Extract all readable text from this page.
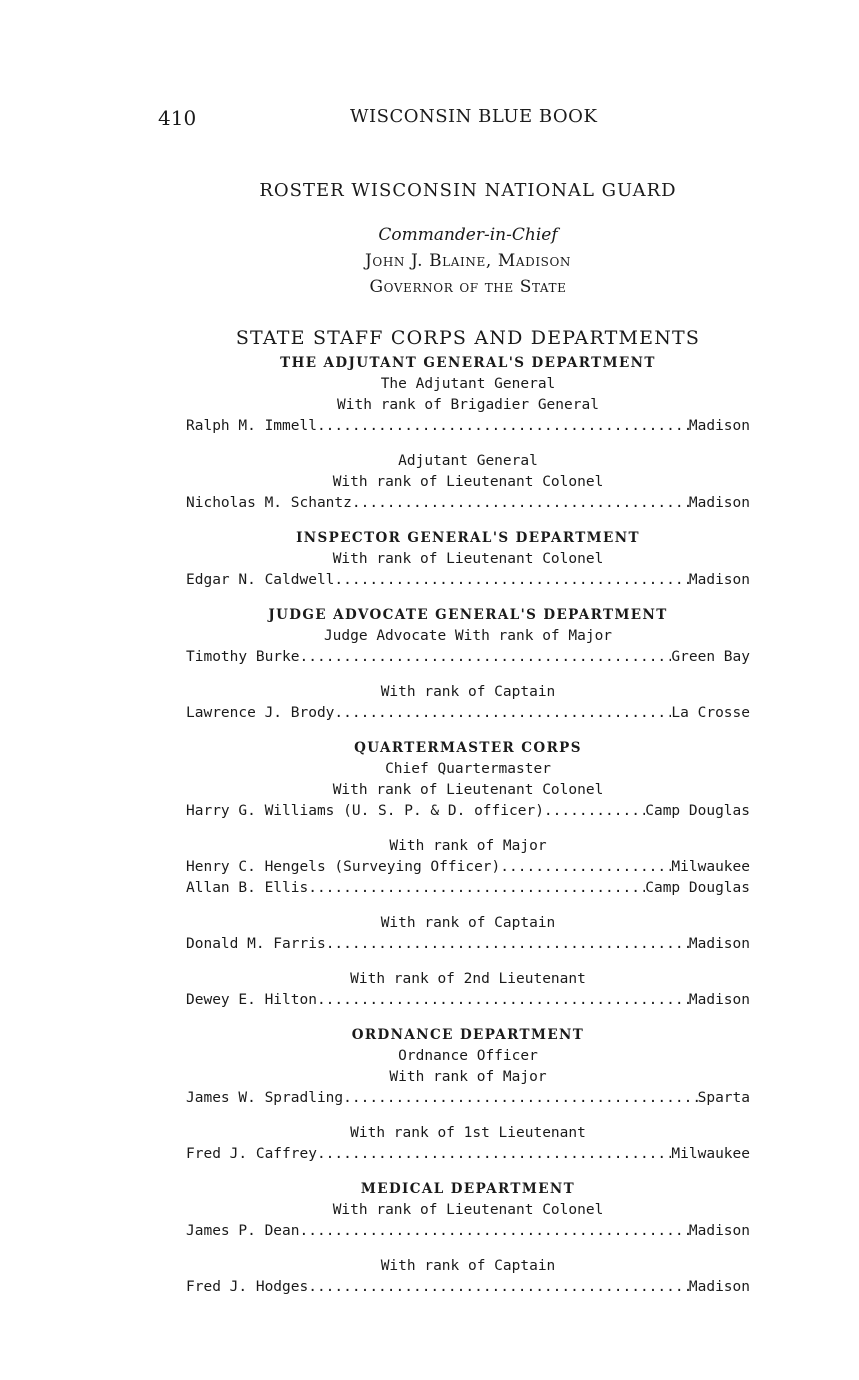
410	WISCONSIN BLUE BOOK
ROSTER WISCONSIN NATIONAL GUARD
Commander-in-Chief
John J. Blaine, Madison
Governor of the State
STATE STAFF CORPS AND DEPARTMENTS
THE ADJUTANT GENERAL'S DEPARTMENT
The Adjutant General
With rank of Brigadier General
Ralph M. Immell .....	Madison
Adjutant General
With rank of Lieutenant Colonel
Nicholas M. Schantz .....	Madison
INSPECTOR GENERAL'S DEPARTMENT
With rank of Lieutenant Colonel
Edgar N. Caldwell .....	Madison
JUDGE ADVOCATE GENERAL'S DEPARTMENT
Judge Advocate With rank of Major
Timothy Burke .....	Green Bay
With rank of Captain
Lawrence J. Brody .....	La Crosse
QUARTERMASTER CORPS
Chief Quartermaster
With rank of Lieutenant Colonel
Harry G. Williams (U. S. P. & D. officer) .....	Camp Douglas
With rank of Major
Henry C. Hengels (Surveying Officer) .....	Milwaukee
Allan B. Ellis .....	Camp Douglas
With rank of Captain
Donald M. Farris .....	Madison
With rank of 2nd Lieutenant
Dewey E. Hilton .....	Madison
ORDNANCE DEPARTMENT
Ordnance Officer
With rank of Major
James W. Spradling .....	Sparta
With rank of 1st Lieutenant
Fred J. Caffrey .....	Milwaukee
MEDICAL DEPARTMENT
With rank of Lieutenant Colonel
James P. Dean .....	Madison
With rank of Captain
Fred J. Hodges .....	Madison
